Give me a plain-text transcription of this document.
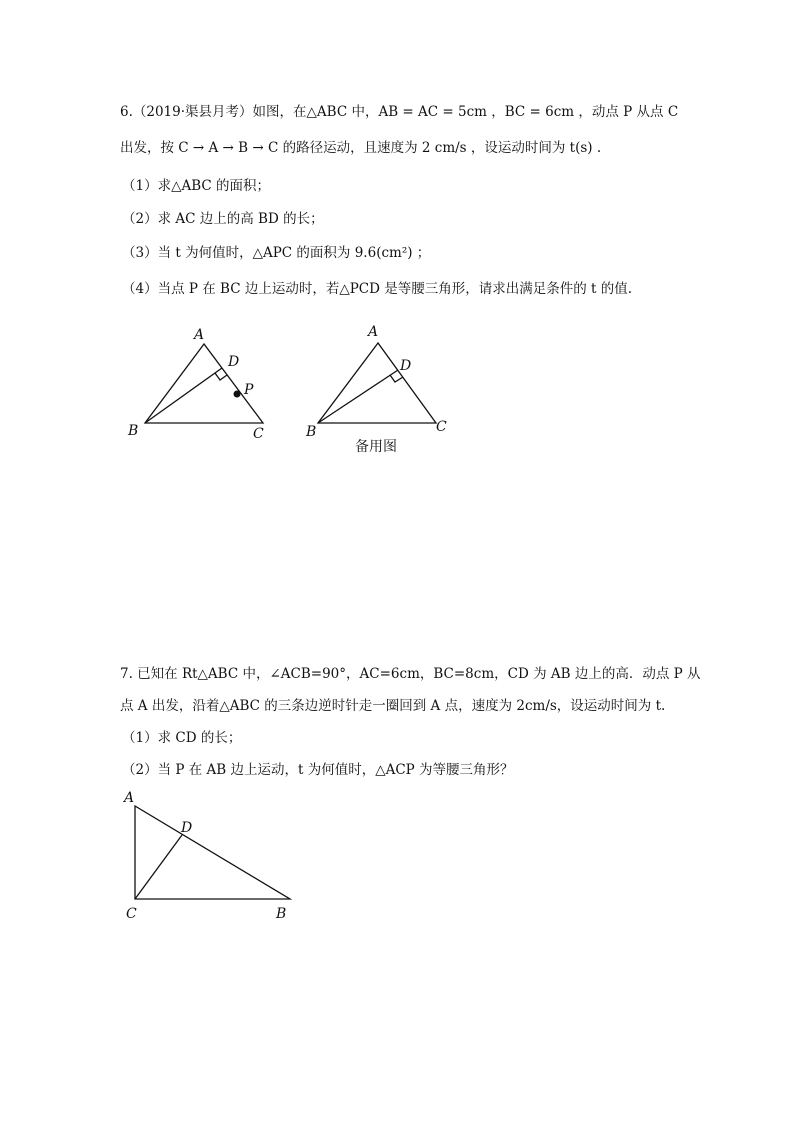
6.（2019·渠县月考）如图，在△ABC 中，AB = AC = 5cm ，BC = 6cm ，动点 P 从点 C
出发，按 C → A → B → C 的路径运动，且速度为 2 cm/s ，设运动时间为 t(s) .
（1）求△ABC 的面积；
（2）求 AC 边上的高 BD 的长；
（3）当 t 为何值时，△APC 的面积为 9.6(cm²) ；
（4）当点 P 在 BC 边上运动时，若△PCD 是等腰三角形，请求出满足条件的 t 的值.
A
D
P
B	C
A
D
B	C
备用图
7. 已知在 Rt△ABC 中，∠ACB=90°，AC=6cm，BC=8cm，CD 为 AB 边上的高．动点 P 从
点 A 出发，沿着△ABC 的三条边逆时针走一圈回到 A 点，速度为 2cm/s，设运动时间为 t.
（1）求 CD 的长；
（2）当 P 在 AB 边上运动，t 为何值时，△ACP 为等腰三角形？
A
D
C	B
